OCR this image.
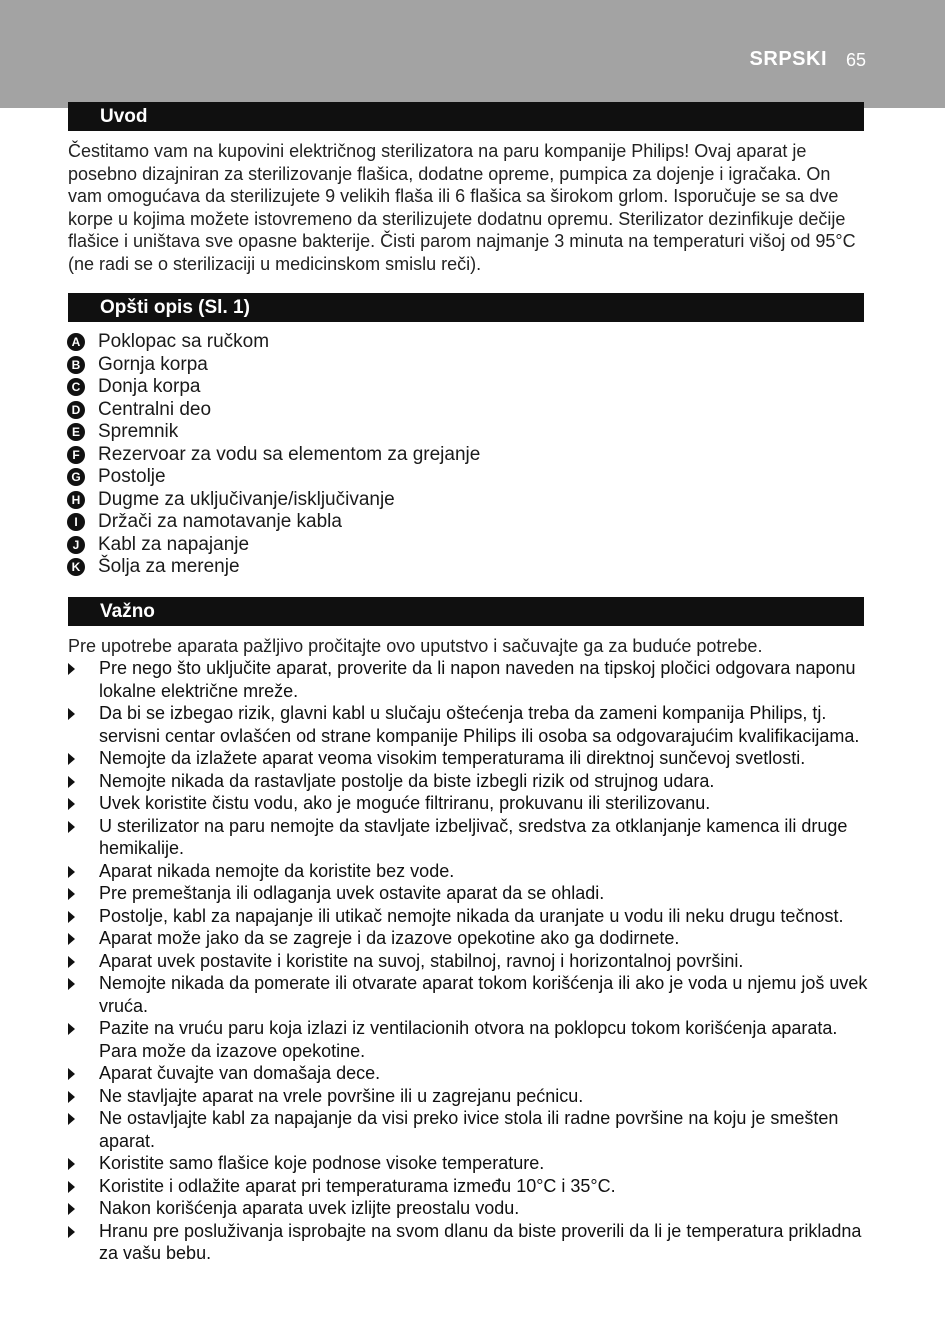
SRPSKI 65
Uvod

Čestitamo vam na kupovini električnog sterilizatora na paru kompanije Philips! Ovaj aparat je posebno dizajniran za sterilizovanje flašica, dodatne opreme, pumpica za dojenje i igračaka. On vam omogućava da sterilizujete 9 velikih flaša ili 6 flašica sa širokom grlom. Isporučuje se sa dve korpe u kojima možete istovremeno da sterilizujete dodatnu opremu. Sterilizator dezinfikuje dečije flašice i uništava sve opasne bakterije. Čisti parom najmanje 3 minuta na temperaturi višoj od 95°C (ne radi se o sterilizaciji u medicinskom smislu reči).

Opšti opis (Sl. 1)
A Poklopac sa ručkom
B Gornja korpa
C Donja korpa
D Centralni deo
E Spremnik
F Rezervoar za vodu sa elementom za grejanje
G Postolje
H Dugme za uključivanje/isključivanje
I	Držači za namotavanje kabla
J Kabl za napajanje
K Šolja za merenje
Važno
Pre upotrebe aparata pažljivo pročitajte ovo uputstvo i sačuvajte ga za buduće potrebe.
Pre nego što uključite aparat, proverite da li napon naveden na tipskoj pločici odgovara naponu lokalne električne mreže.
Da bi se izbegao rizik, glavni kabl u slučaju oštećenja treba da zameni kompanija Philips, tj. servisni centar ovlašćen od strane kompanije Philips ili osoba sa odgovarajućim kvalifikacijama.
Nemojte da izlažete aparat veoma visokim temperaturama ili direktnoj sunčevoj svetlosti.
Nemojte nikada da rastavljate postolje da biste izbegli rizik od strujnog udara.
Uvek koristite čistu vodu, ako je moguće filtriranu, prokuvanu ili sterilizovanu.
U sterilizator na paru nemojte da stavljate izbeljivač, sredstva za otklanjanje kamenca ili druge hemikalije.
Aparat nikada nemojte da koristite bez vode.
Pre premeštanja ili odlaganja uvek ostavite aparat da se ohladi.
Postolje, kabl za napajanje ili utikač nemojte nikada da uranjate u vodu ili neku drugu tečnost.
Aparat može jako da se zagreje i da izazove opekotine ako ga dodirnete.
Aparat uvek postavite i koristite na suvoj, stabilnoj, ravnoj i horizontalnoj površini.
Nemojte nikada da pomerate ili otvarate aparat tokom korišćenja ili ako je voda u njemu još uvek vruća.
Pazite na vruću paru koja izlazi iz ventilacionih otvora na poklopcu tokom korišćenja aparata. Para može da izazove opekotine.
Aparat čuvajte van domašaja dece.
Ne stavljajte aparat na vrele površine ili u zagrejanu pećnicu.
Ne ostavljajte kabl za napajanje da visi preko ivice stola ili radne površine na koju je smešten aparat.
Koristite samo flašice koje podnose visoke temperature.
Koristite i odlažite aparat pri temperaturama između 10°C i 35°C.
Nakon korišćenja aparata uvek izlijte preostalu vodu.
Hranu pre posluživanja isprobajte na svom dlanu da biste proverili da li je temperatura prikladna za vašu bebu.
